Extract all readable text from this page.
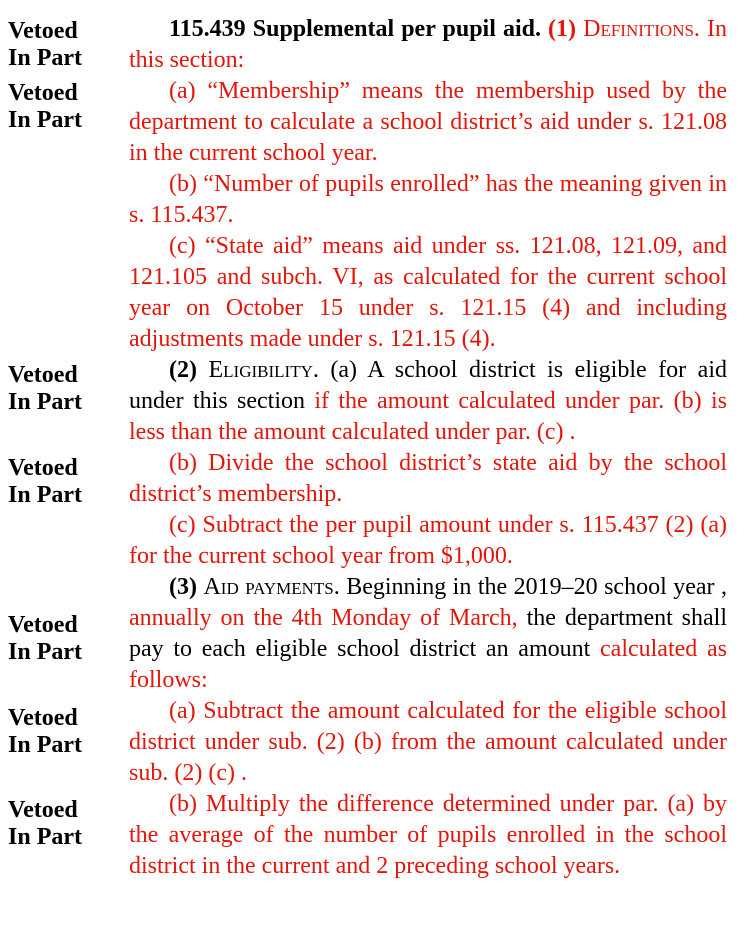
Vetoed
In Part
Vetoed
In Part
Vetoed
In Part
Vetoed
In Part
Vetoed
In Part
Vetoed
In Part
Vetoed
In Part

115.439 Supplemental per pupil aid. (1) Definitions. In this section:

(a) “Membership” means the membership used by the department to calculate a school district’s aid under s. 121.08 in the current school year.

(b) “Number of pupils enrolled” has the meaning given in s. 115.437.

(c) “State aid” means aid under ss. 121.08, 121.09, and 121.105 and subch. VI, as calculated for the current school year on October 15 under s. 121.15 (4) and including adjustments made under s. 121.15 (4).

(2) Eligibility. (a) A school district is eligible for aid under this section if the amount calculated under par. (b) is less than the amount calculated under par. (c) .

(b) Divide the school district’s state aid by the school district’s membership.

(c) Subtract the per pupil amount under s. 115.437 (2) (a) for the current school year from $1,000.

(3) Aid payments. Beginning in the 2019–20 school year , annually on the 4th Monday of March, the department shall pay to each eligible school district an amount calculated as follows:

(a) Subtract the amount calculated for the eligible school district under sub. (2) (b) from the amount calculated under sub. (2) (c) .

(b) Multiply the difference determined under par. (a) by the average of the number of pupils enrolled in the school district in the current and 2 preceding school years.
